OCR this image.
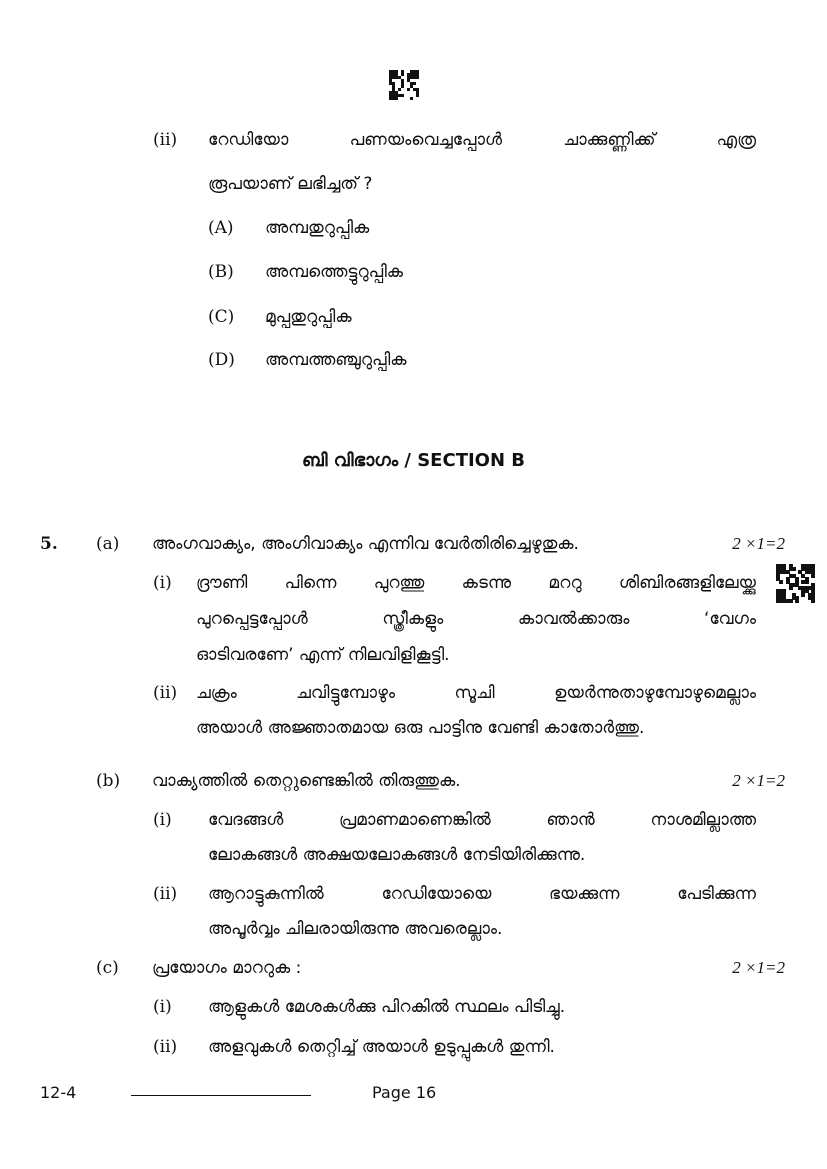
(ii) റേഡിയോ	പണയംവെച്ചപ്പോൾ	ചാക്കുണ്ണിക്ക്	എത്ര
രൂപയാണ് ലഭിച്ചത് ?
(A) അമ്പതുറുപ്പിക
(B) അമ്പത്തെട്ടുറുപ്പിക
(C) മുപ്പതുറുപ്പിക
(D) അമ്പത്തഞ്ചുറുപ്പിക
ബി വിഭാഗം / SECTION B
5. (a) അംഗവാക്യം, അംഗിവാക്യം എന്നിവ വേർതിരിച്ചെഴുതുക.	2 ×1=2
(i) ദ്രൗണി പിന്നെ പുറത്തു കടന്നു മററു ശിബിരങ്ങളിലേയ്ക്കു
പുറപ്പെട്ടപ്പോൾ	സ്ത്രീകളും	കാവൽക്കാരും	‘വേഗം
ഓടിവരണേ’ എന്ന് നിലവിളികൂട്ടി.
(ii) ചക്രം	ചവിട്ടുമ്പോഴും	സൂചി	ഉയർന്നുതാഴുമ്പോഴുമെല്ലാം
അയാൾ അജ്ഞാതമായ ഒരു പാട്ടിനു വേണ്ടി കാതോർത്തു.
(b) വാക്യത്തിൽ തെറ്റുണ്ടെങ്കിൽ തിരുത്തുക.	2 ×1=2
(i) വേദങ്ങൾ	പ്രമാണമാണെങ്കിൽ	ഞാൻ	നാശമില്ലാത്ത
ലോകങ്ങൾ അക്ഷയലോകങ്ങൾ നേടിയിരിക്കുന്നു.
(ii) ആറാട്ടുകുന്നിൽ	റേഡിയോയെ	ഭയക്കുന്ന	പേടിക്കുന്ന
അപൂർവ്വം ചിലരായിരുന്നു അവരെല്ലാം.
(c) പ്രയോഗം മാററുക :	2 ×1=2
(i) ആളുകൾ മേശകൾക്കു പിറകിൽ സ്ഥലം പിടിച്ചു.
(ii) അളവുകൾ തെറ്റിച്ച് അയാൾ ഉടുപ്പുകൾ തുന്നി.
12-4	Page 16
